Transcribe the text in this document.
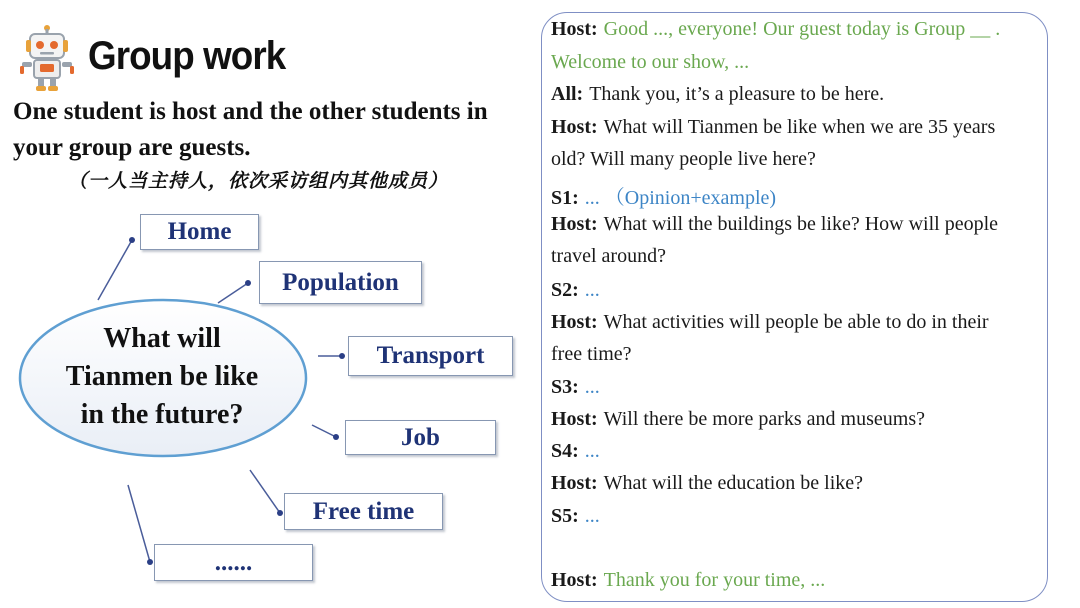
Group work
One student is host and the other students in
your group are guests.
（一人当主持人，依次采访组内其他成员）
What will
Tianmen be like
in the future?
Home
Population
Transport
Job
Free time
......
Host: Good ..., everyone! Our guest today is Group __ .
Welcome to our show, ...
All: Thank you, it’s a pleasure to be here.
Host: What will Tianmen be like when we are 35 years
old? Will many people live here?
S1: ... （Opinion+example)
Host: What will the buildings be like? How will people
travel around?
S2: ...
Host: What activities will people be able to do in their
free time?
S3: ...
Host: Will there be more parks and museums?
S4: ...
Host: What will the education be like?
S5: ...
Host: Thank you for your time, ...
